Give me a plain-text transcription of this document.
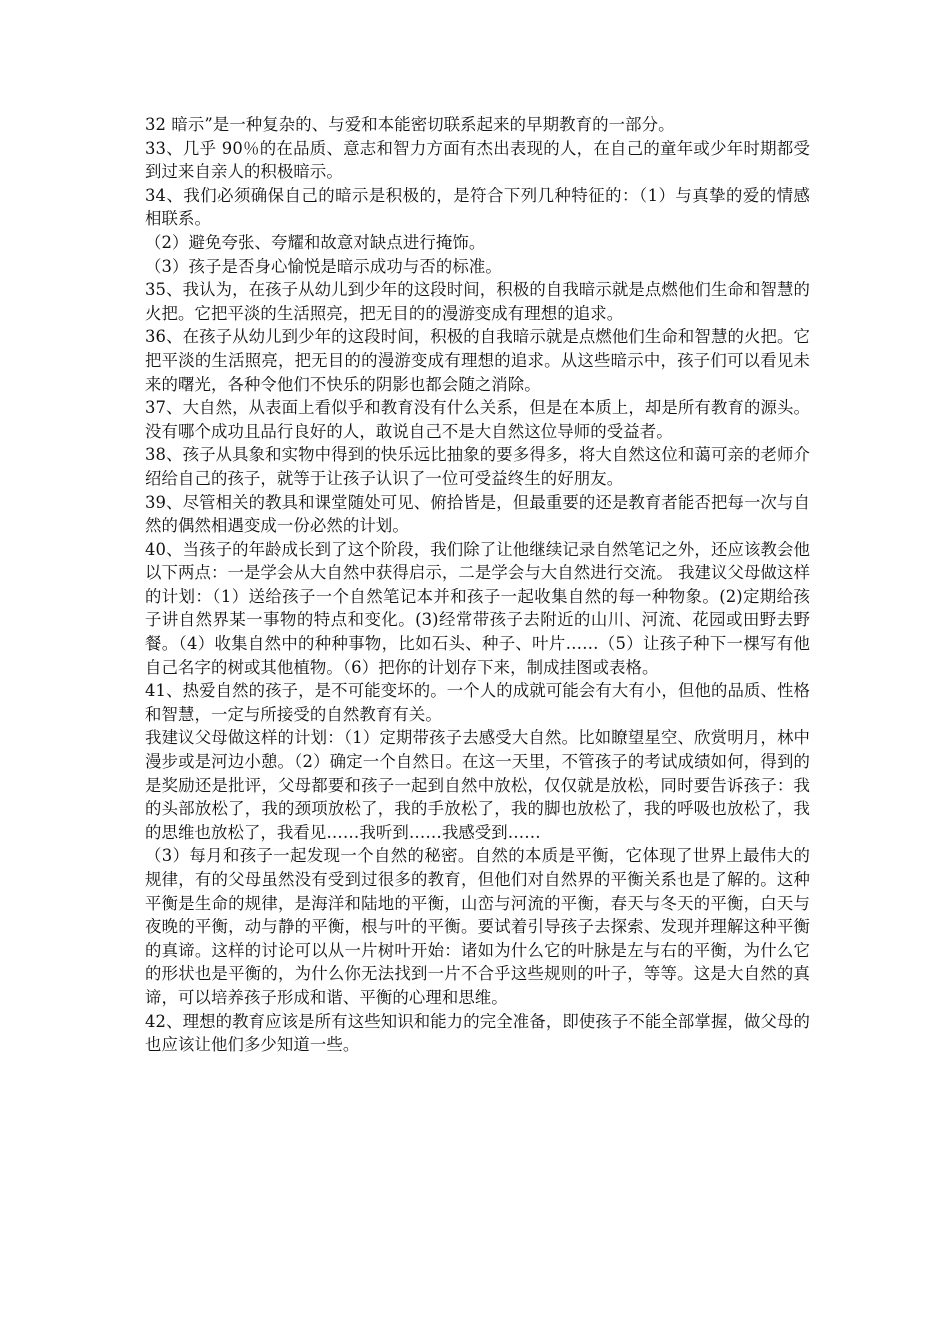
32 暗示”是一种复杂的、与爱和本能密切联系起来的早期教育的一部分。

33、几乎 90％的在品质、意志和智力方面有杰出表现的人，在自己的童年或少年时期都受到过来自亲人的积极暗示。

34、我们必须确保自己的暗示是积极的，是符合下列几种特征的：（1）与真挚的爱的情感相联系。

（2）避免夸张、夸耀和故意对缺点进行掩饰。

（3）孩子是否身心愉悦是暗示成功与否的标准。

35、我认为，在孩子从幼儿到少年的这段时间，积极的自我暗示就是点燃他们生命和智慧的火把。它把平淡的生活照亮，把无目的的漫游变成有理想的追求。

36、在孩子从幼儿到少年的这段时间，积极的自我暗示就是点燃他们生命和智慧的火把。它把平淡的生活照亮，把无目的的漫游变成有理想的追求。从这些暗示中，孩子们可以看见未来的曙光，各种令他们不快乐的阴影也都会随之消除。

37、大自然，从表面上看似乎和教育没有什么关系，但是在本质上，却是所有教育的源头。没有哪个成功且品行良好的人，敢说自己不是大自然这位导师的受益者。

38、孩子从具象和实物中得到的快乐远比抽象的要多得多，将大自然这位和蔼可亲的老师介绍给自己的孩子，就等于让孩子认识了一位可受益终生的好朋友。

39、尽管相关的教具和课堂随处可见、俯拾皆是，但最重要的还是教育者能否把每一次与自然的偶然相遇变成一份必然的计划。

40、当孩子的年龄成长到了这个阶段，我们除了让他继续记录自然笔记之外，还应该教会他以下两点：一是学会从大自然中获得启示，二是学会与大自然进行交流。 我建议父母做这样的计划：（1）送给孩子一个自然笔记本并和孩子一起收集自然的每一种物象。(2)定期给孩子讲自然界某一事物的特点和变化。(3)经常带孩子去附近的山川、河流、花园或田野去野餐。（4）收集自然中的种种事物，比如石头、种子、叶片……（5）让孩子种下一棵写有他自己名字的树或其他植物。（6）把你的计划存下来，制成挂图或表格。

41、热爱自然的孩子，是不可能变坏的。一个人的成就可能会有大有小，但他的品质、性格和智慧，一定与所接受的自然教育有关。

我建议父母做这样的计划：（1）定期带孩子去感受大自然。比如瞭望星空、欣赏明月，林中漫步或是河边小憩。（2）确定一个自然日。在这一天里，不管孩子的考试成绩如何，得到的是奖励还是批评，父母都要和孩子一起到自然中放松，仅仅就是放松，同时要告诉孩子：我的头部放松了，我的颈项放松了，我的手放松了，我的脚也放松了，我的呼吸也放松了，我的思维也放松了，我看见……我听到……我感受到……

（3）每月和孩子一起发现一个自然的秘密。自然的本质是平衡，它体现了世界上最伟大的规律，有的父母虽然没有受到过很多的教育，但他们对自然界的平衡关系也是了解的。这种平衡是生命的规律，是海洋和陆地的平衡，山峦与河流的平衡，春天与冬天的平衡，白天与夜晚的平衡，动与静的平衡，根与叶的平衡。要试着引导孩子去探索、发现并理解这种平衡的真谛。这样的讨论可以从一片树叶开始：诸如为什么它的叶脉是左与右的平衡，为什么它的形状也是平衡的，为什么你无法找到一片不合乎这些规则的叶子，等等。这是大自然的真谛，可以培养孩子形成和谐、平衡的心理和思维。

42、理想的教育应该是所有这些知识和能力的完全准备，即使孩子不能全部掌握，做父母的也应该让他们多少知道一些。
